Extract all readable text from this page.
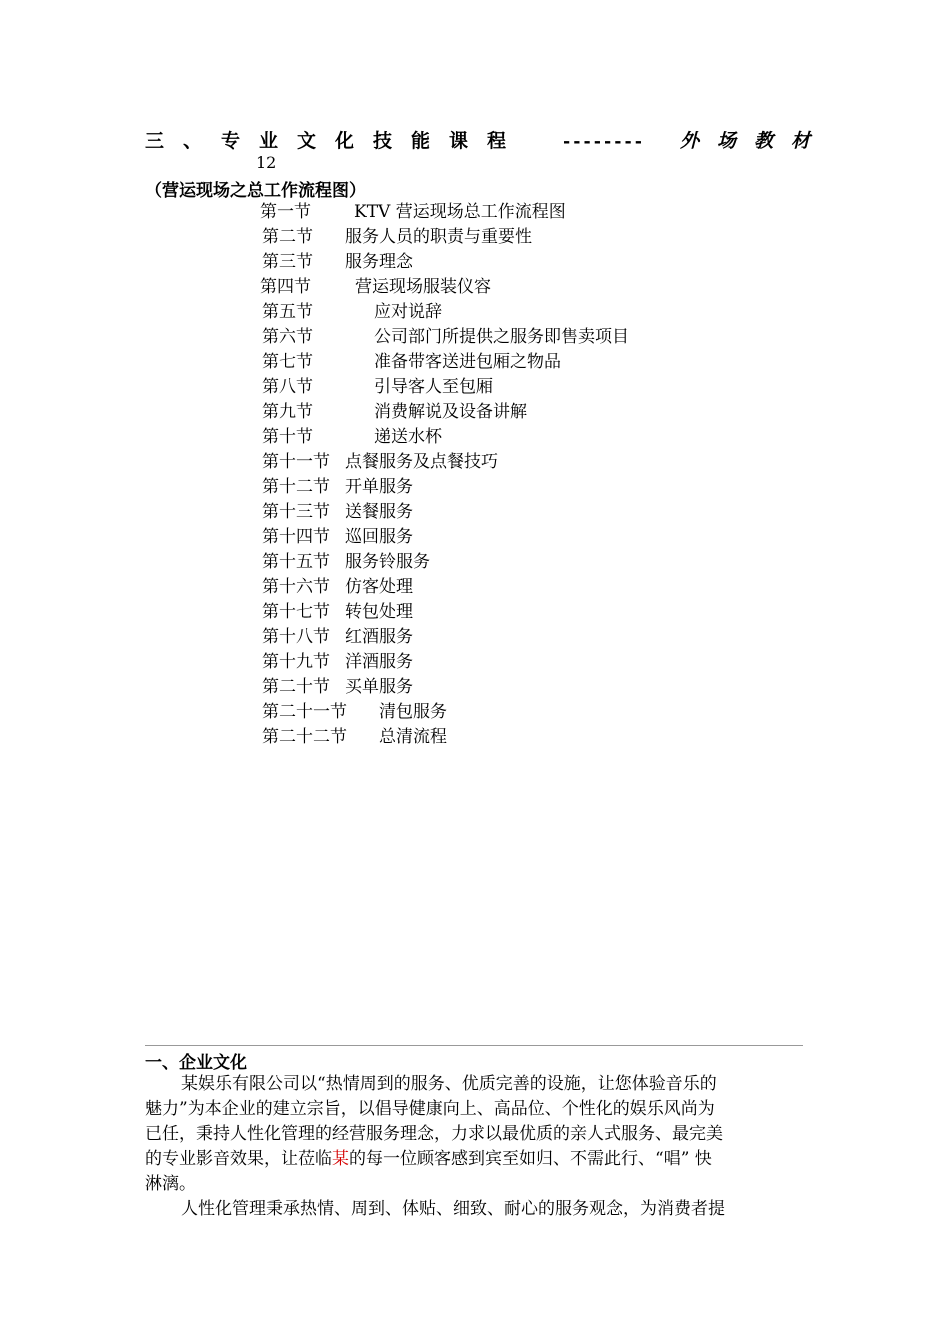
三、专业文化技能课程 -------- 外场教材
12
（营运现场之总工作流程图）
第一节	KTV 营运现场总工作流程图
第二节 服务人员的职责与重要性
第三节 服务理念
第四节	营运现场服装仪容
第五节	应对说辞
第六节	公司部门所提供之服务即售卖项目
第七节	准备带客送进包厢之物品
第八节	引导客人至包厢
第九节	消费解说及设备讲解
第十节	递送水杯
第十一节 点餐服务及点餐技巧
第十二节 开单服务
第十三节 送餐服务
第十四节 巡回服务
第十五节 服务铃服务
第十六节 仿客处理
第十七节 转包处理
第十八节 红酒服务
第十九节 洋酒服务
第二十节 买单服务
第二十一节 清包服务
第二十二节 总清流程
一、企业文化
某娱乐有限公司以“热情周到的服务、优质完善的设施，让您体验音乐的
魅力”为本企业的建立宗旨，以倡导健康向上、高品位、个性化的娱乐风尚为
已任，秉持人性化管理的经营服务理念，力求以最优质的亲人式服务、最完美
的专业影音效果，让莅临某的每一位顾客感到宾至如归、不需此行、“唱” 快
淋漓。
人性化管理秉承热情、周到、体贴、细致、耐心的服务观念，为消费者提
